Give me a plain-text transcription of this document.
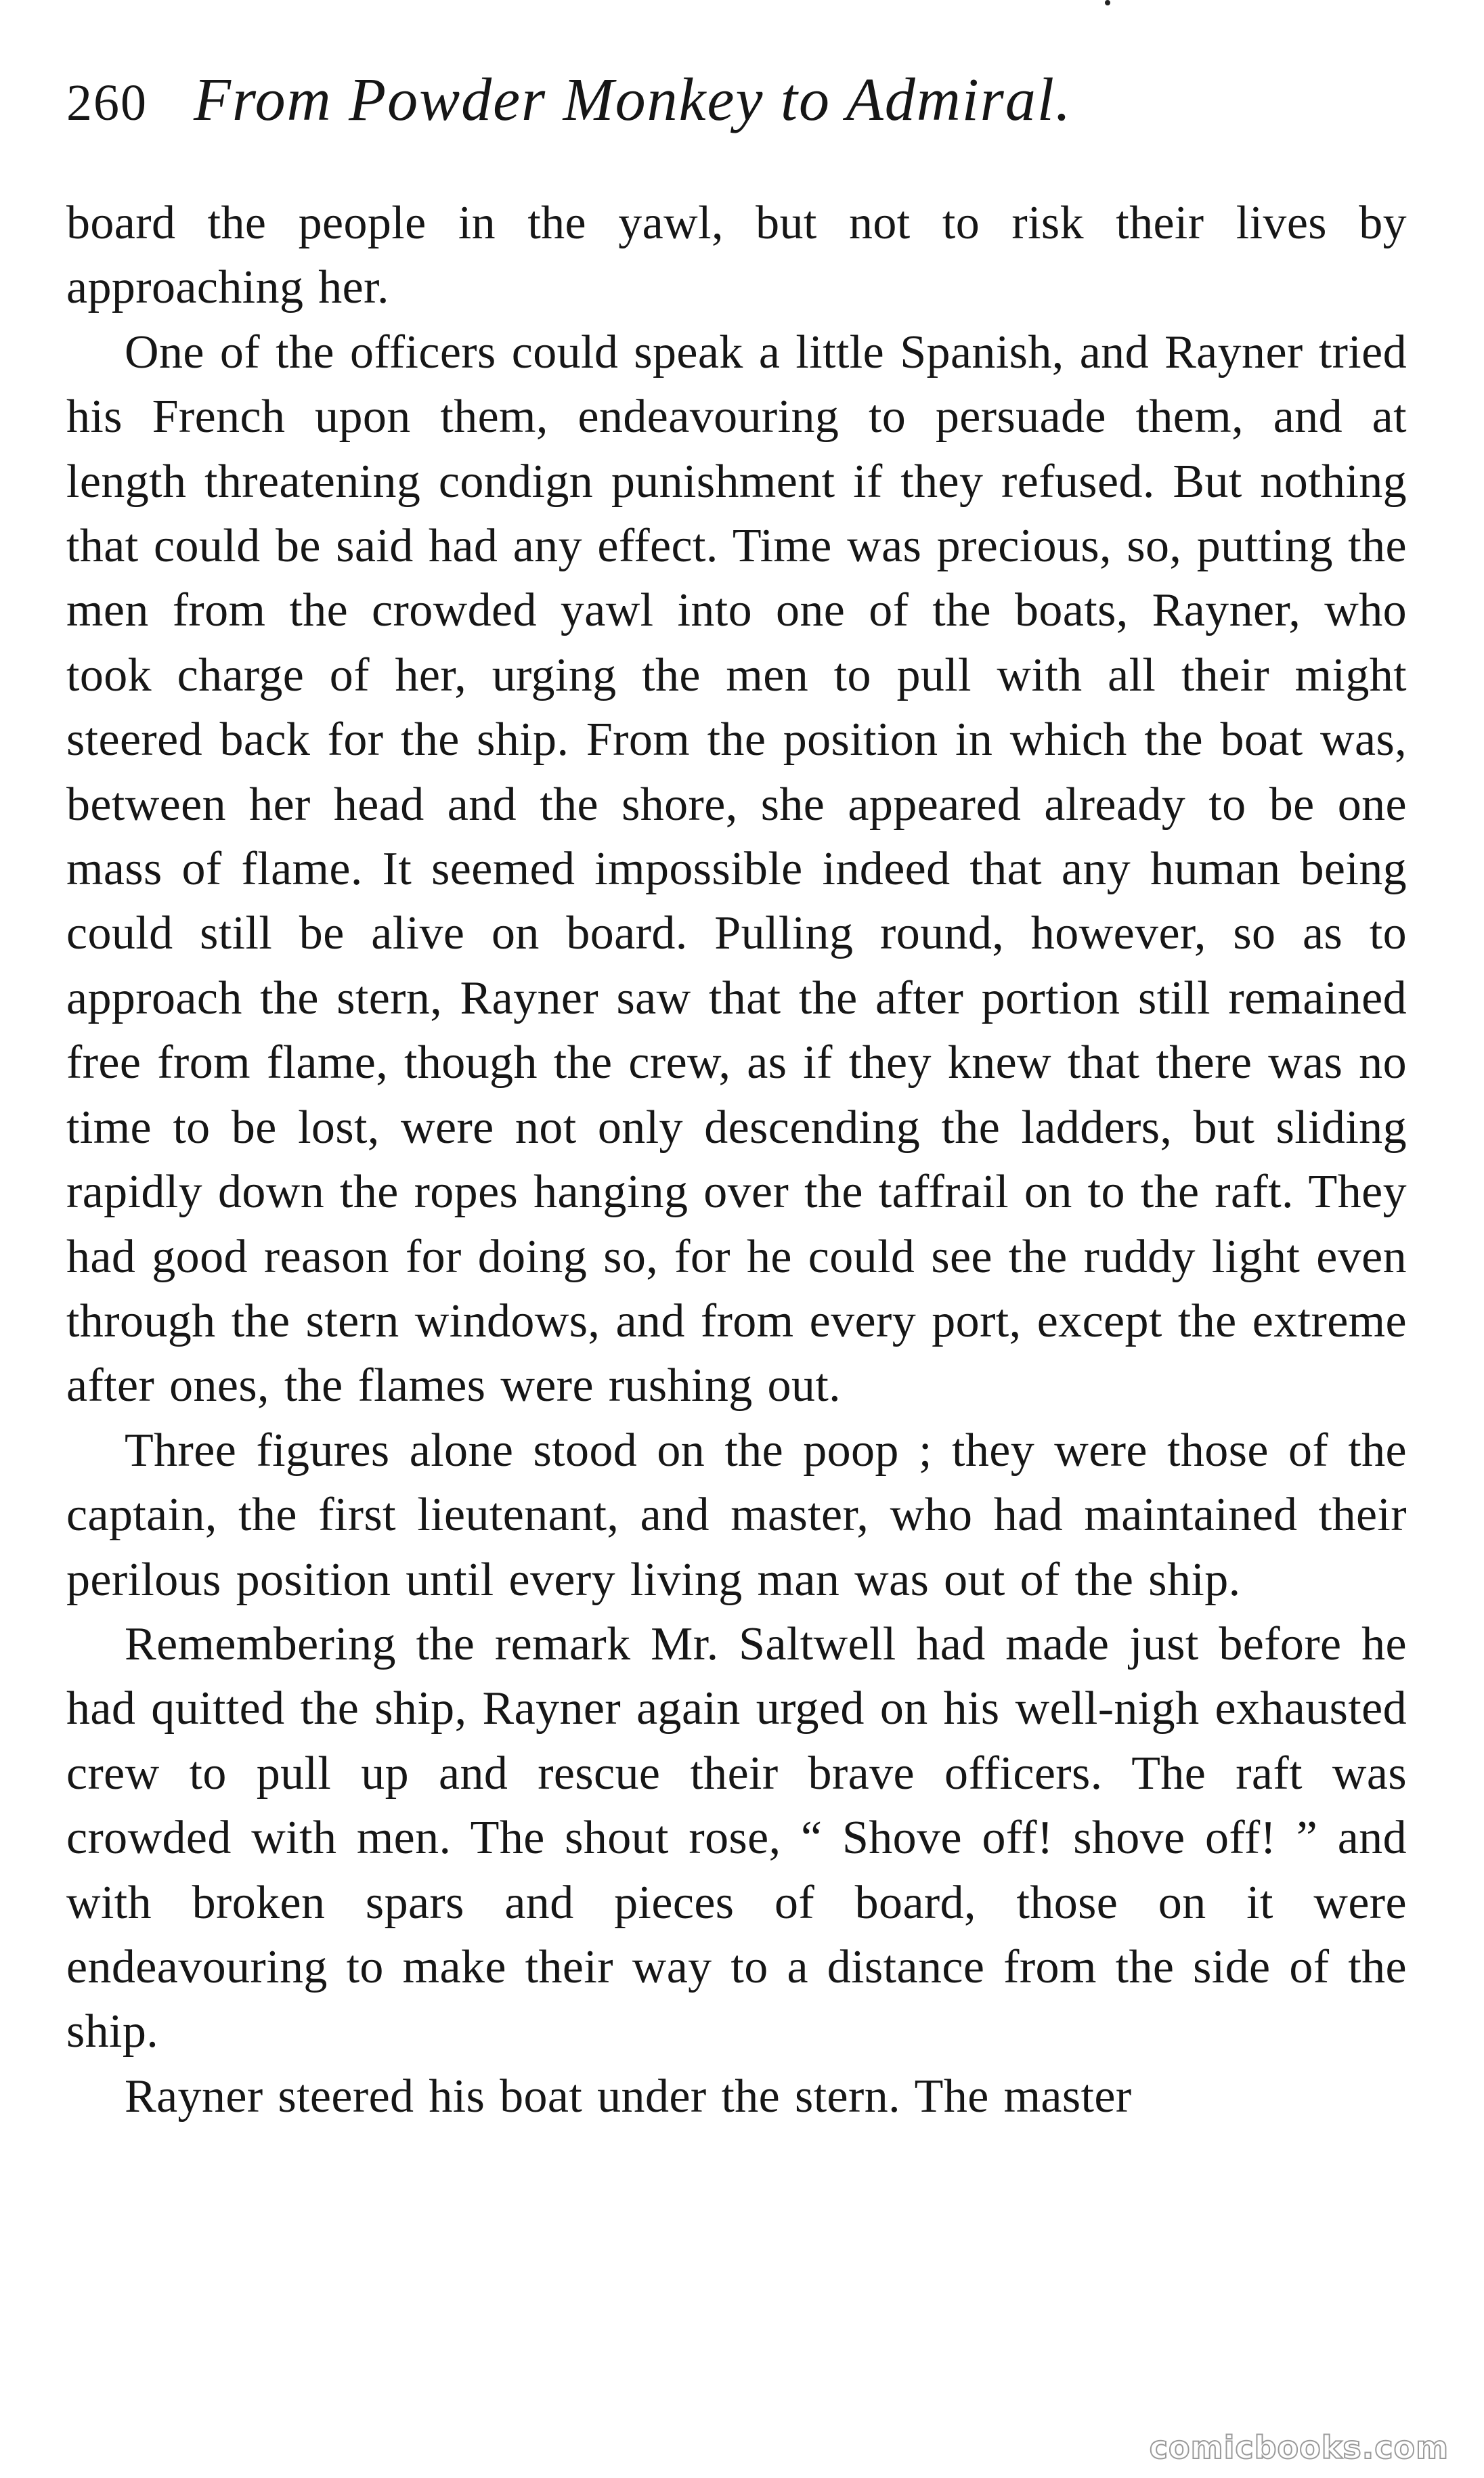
260 From Powder Monkey to Admiral.

board the people in the yawl, but not to risk their lives by approaching her.

One of the officers could speak a little Spanish, and Rayner tried his French upon them, endeavouring to persuade them, and at length threatening condign punishment if they refused. But nothing that could be said had any effect. Time was precious, so, putting the men from the crowded yawl into one of the boats, Rayner, who took charge of her, urging the men to pull with all their might steered back for the ship. From the position in which the boat was, between her head and the shore, she appeared already to be one mass of flame. It seemed impossible indeed that any human being could still be alive on board. Pulling round, however, so as to approach the stern, Rayner saw that the after portion still remained free from flame, though the crew, as if they knew that there was no time to be lost, were not only descending the ladders, but sliding rapidly down the ropes hanging over the taffrail on to the raft. They had good reason for doing so, for he could see the ruddy light even through the stern windows, and from every port, except the extreme after ones, the flames were rushing out.

Three figures alone stood on the poop ; they were those of the captain, the first lieutenant, and master, who had maintained their perilous position until every living man was out of the ship.

Remembering the remark Mr. Saltwell had made just before he had quitted the ship, Rayner again urged on his well-nigh exhausted crew to pull up and rescue their brave officers. The raft was crowded with men. The shout rose, “ Shove off! shove off! ” and with broken spars and pieces of board, those on it were endeavouring to make their way to a distance from the side of the ship.

Rayner steered his boat under the stern. The master

comicbooks.com
